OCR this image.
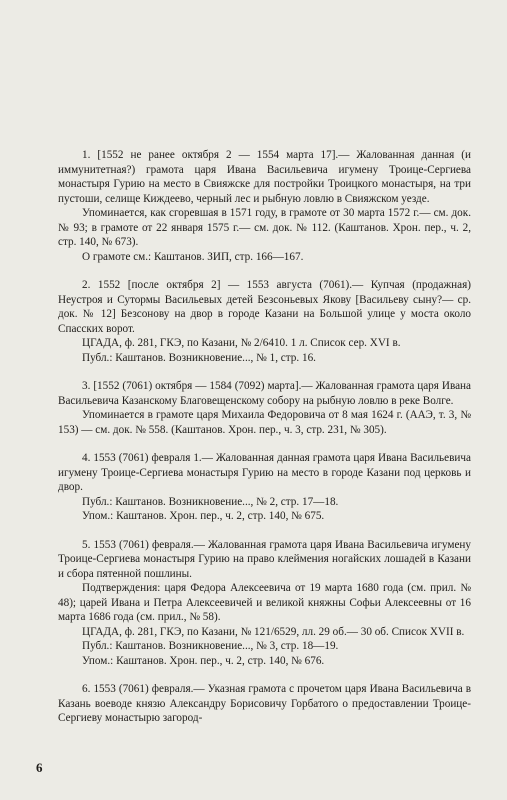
1. [1552 не ранее октября 2 — 1554 марта 17].— Жалованная данная (и иммунитетная?) грамота царя Ивана Васильевича игумену Троице-Сергиева монастыря Гурию на место в Свияжске для постройки Троицкого монастыря, на три пустоши, селище Киждеево, черный лес и рыбную ловлю в Свияжском уезде.

Упоминается, как сгоревшая в 1571 году, в грамоте от 30 марта 1572 г.— см. док. № 93; в грамоте от 22 января 1575 г.— см. док. № 112. (Каштанов. Хрон. пер., ч. 2, стр. 140, № 673).

О грамоте см.: Каштанов. ЗИП, стр. 166—167.

2. 1552 [после октября 2] — 1553 августа (7061).— Купчая (продажная) Неустроя и Сутормы Васильевых детей Безсоньевых Якову [Васильеву сыну?— ср. док. № 12] Безсонову на двор в городе Казани на Большой улице у моста около Спасских ворот.

ЦГАДА, ф. 281, ГКЭ, по Казани, № 2/6410. 1 л. Список сер. XVI в.

Публ.: Каштанов. Возникновение..., № 1, стр. 16.

3. [1552 (7061) октября — 1584 (7092) марта].— Жалованная грамота царя Ивана Васильевича Казанскому Благовещенскому собору на рыбную ловлю в реке Волге.

Упоминается в грамоте царя Михаила Федоровича от 8 мая 1624 г. (ААЭ, т. 3, № 153) — см. док. № 558. (Каштанов. Хрон. пер., ч. 3, стр. 231, № 305).

4. 1553 (7061) февраля 1.— Жалованная данная грамота царя Ивана Васильевича игумену Троице-Сергиева монастыря Гурию на место в городе Казани под церковь и двор.

Публ.: Каштанов. Возникновение..., № 2, стр. 17—18.

Упом.: Каштанов. Хрон. пер., ч. 2, стр. 140, № 675.

5. 1553 (7061) февраля.— Жалованная грамота царя Ивана Васильевича игумену Троице-Сергиева монастыря Гурию на право клеймения ногайских лошадей в Казани и сбора пятенной пошлины.

Подтверждения: царя Федора Алексеевича от 19 марта 1680 года (см. прил. № 48); царей Ивана и Петра Алексеевичей и великой княжны Софьи Алексеевны от 16 марта 1686 года (см. прил., № 58).

ЦГАДА, ф. 281, ГКЭ, по Казани, № 121/6529, лл. 29 об.— 30 об. Список XVII в.

Публ.: Каштанов. Возникновение..., № 3, стр. 18—19.

Упом.: Каштанов. Хрон. пер., ч. 2, стр. 140, № 676.

6. 1553 (7061) февраля.— Указная грамота с прочетом царя Ивана Васильевича в Казань воеводе князю Александру Борисовичу Горбатого о предоставлении Троице-Сергиеву монастырю загород-

6
